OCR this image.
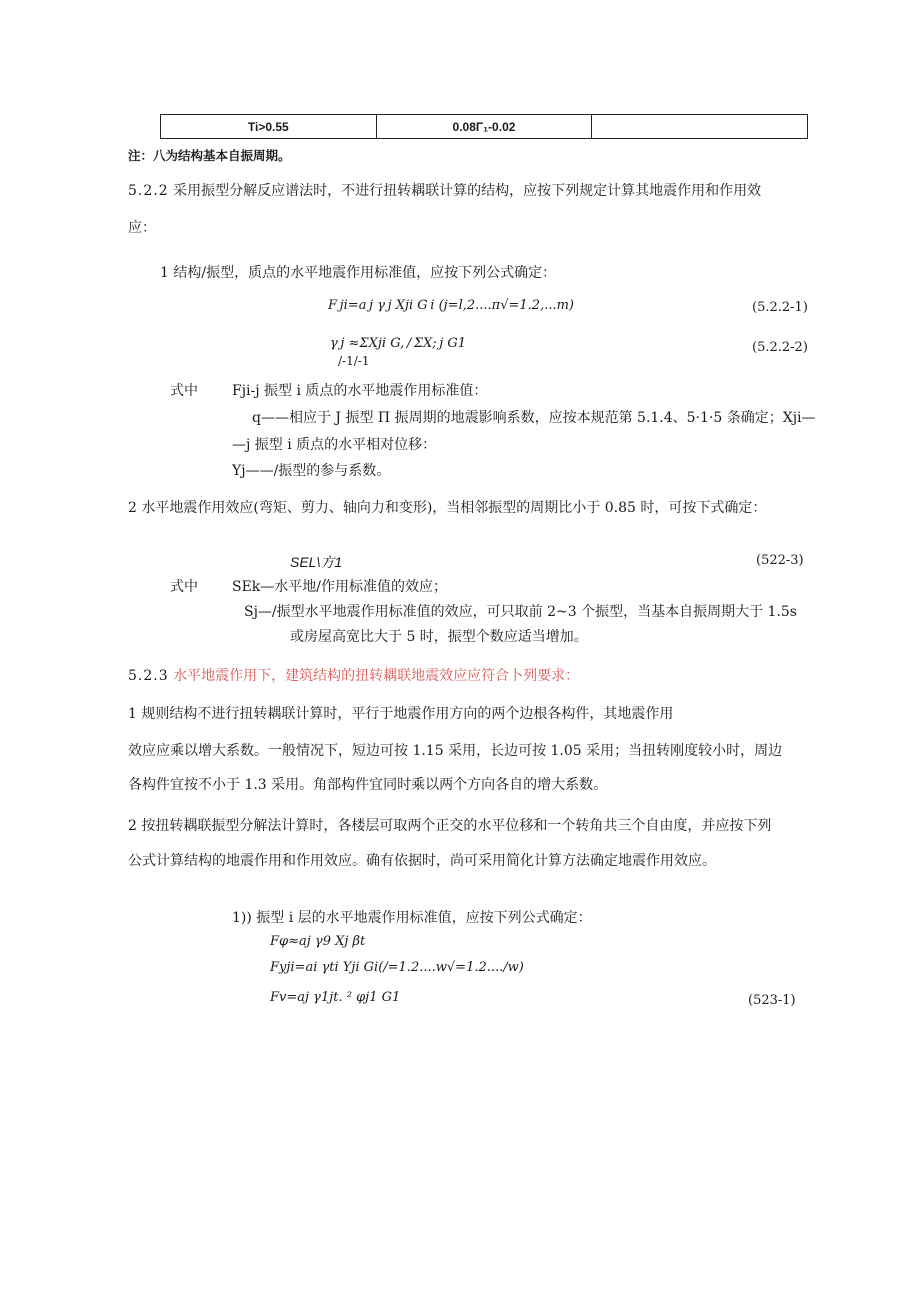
Ti>0.55	0.08Γ₁-0.02	
注：八为结构基本自振周期。
5.2.2 采用振型分解反应谱法时，不进行扭转耦联计算的结构，应按下列规定计算其地震作用和作用效
应：
1 结构/振型，质点的水平地震作用标准值，应按下列公式确定：
F ji=a j γ j Xji G i (j=l,2....π√=1.2,...m)	(5.2.2-1)
γ j ≈ΣXji G, / ΣX; j G1
/-1/-1
(5.2.2-2)
式中 Fji-j 振型 i 质点的水平地震作用标准值：
q——相应于 J 振型 Π 振周期的地震影响系数，应按本规范第 5.1.4、5·1·5 条确定；Xji—
—j 振型 i 质点的水平相对位移：
Yj——/振型的参与系数。
2 水平地震作用效应(弯矩、剪力、轴向力和变形)，当相邻振型的周期比小于 0.85 时，可按下式确定：
SEL\方1	(522-3)
式中 SEk—水平地/作用标准值的效应；
Sj—/振型水平地震作用标准值的效应，可只取前 2~3 个振型，当基本自振周期大于 1.5s
或房屋高宽比大于 5 时，振型个数应适当增加。
5.2.3 水平地震作用下，建筑结构的扭转耦联地震效应应符合卜列要求：
1 规则结构不进行扭转耦联计算时，平行于地震作用方向的两个边根各构件，其地震作用
效应应乘以增大系数。一般情况下，短边可按 1.15 采用，长边可按 1.05 采用；当扭转刚度较小时，周边
各构件宜按不小于 1.3 采用。角部构件宜同时乘以两个方向各自的增大系数。
2 按扭转耦联振型分解法计算时，各楼层可取两个正交的水平位移和一个转角共三个自由度，并应按下列
公式计算结构的地震作用和作用效应。确有依据时，尚可采用简化计算方法确定地震作用效应。
1)) 振型 i 层的水平地震作用标准值，应按下列公式确定：
Fφ≈aj γ9 Xj βt
Fyji=ai γti Yji Gi(/=1.2....w√=1.2..../w)
Fv=aj γ1jt. ² φj1 G1	(523-1)
